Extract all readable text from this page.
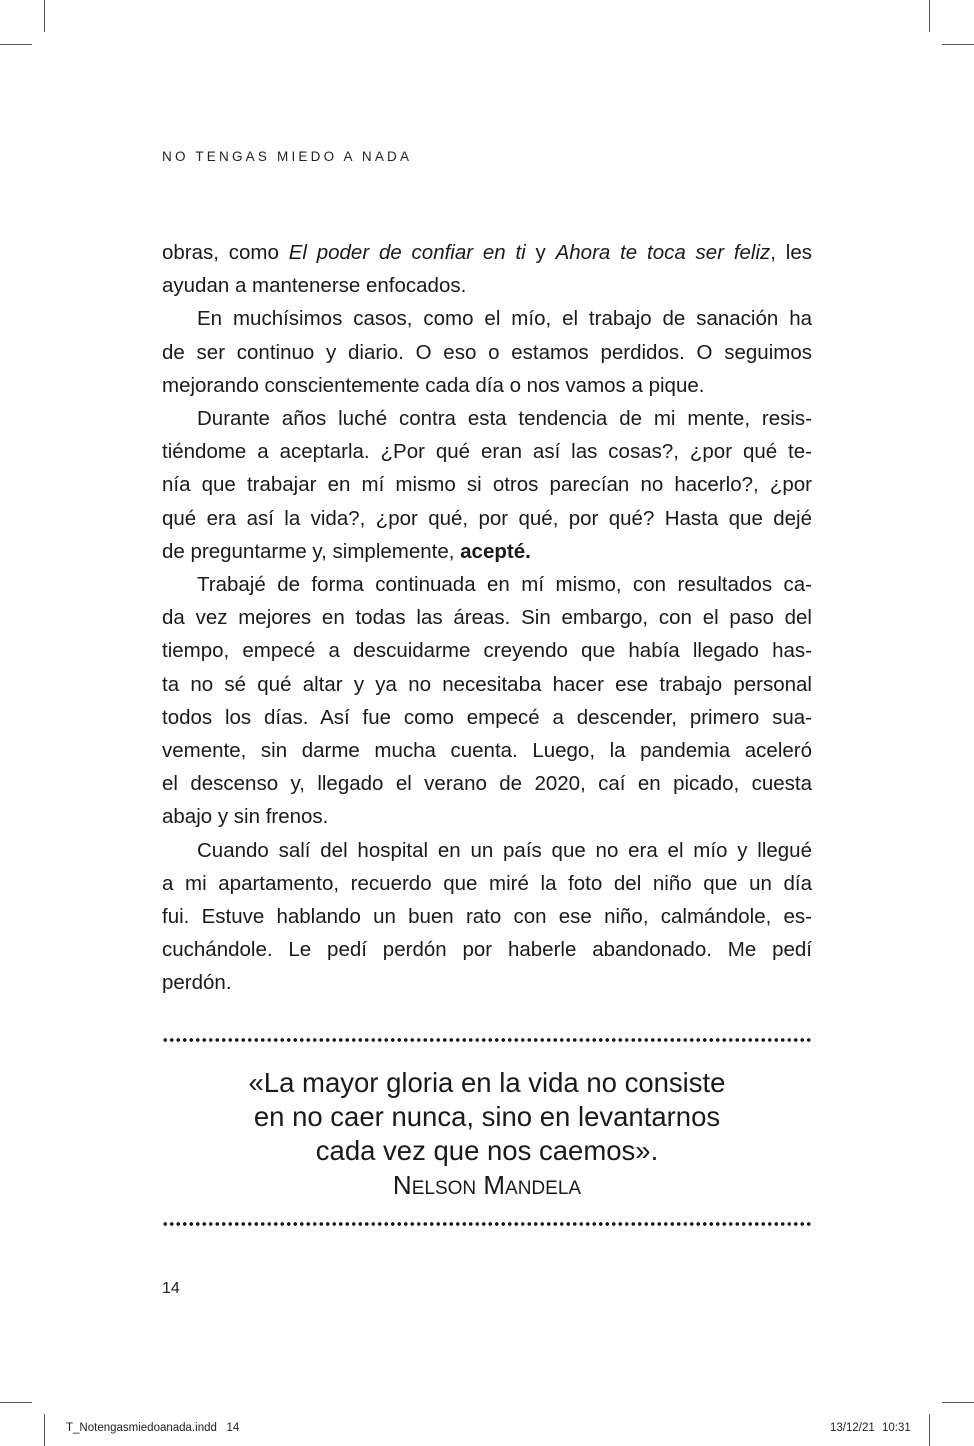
NO TENGAS MIEDO A NADA

obras, como El poder de confiar en ti y Ahora te toca ser feliz, les
ayudan a mantenerse enfocados.

En muchísimos casos, como el mío, el trabajo de sanación ha
de ser continuo y diario. O eso o estamos perdidos. O seguimos
mejorando conscientemente cada día o nos vamos a pique.

Durante años luché contra esta tendencia de mi mente, resis-
tiéndome a aceptarla. ¿Por qué eran así las cosas?, ¿por qué te-
nía que trabajar en mí mismo si otros parecían no hacerlo?, ¿por
qué era así la vida?, ¿por qué, por qué, por qué? Hasta que dejé
de preguntarme y, simplemente, acepté.

Trabajé de forma continuada en mí mismo, con resultados ca-
da vez mejores en todas las áreas. Sin embargo, con el paso del
tiempo, empecé a descuidarme creyendo que había llegado has-
ta no sé qué altar y ya no necesitaba hacer ese trabajo personal
todos los días. Así fue como empecé a descender, primero sua-
vemente, sin darme mucha cuenta. Luego, la pandemia aceleró
el descenso y, llegado el verano de 2020, caí en picado, cuesta
abajo y sin frenos.

Cuando salí del hospital en un país que no era el mío y llegué
a mi apartamento, recuerdo que miré la foto del niño que un día
fui. Estuve hablando un buen rato con ese niño, calmándole, es-
cuchándole. Le pedí perdón por haberle abandonado. Me pedí
perdón.

«La mayor gloria en la vida no consiste
en no caer nunca, sino en levantarnos
cada vez que nos caemos».
NELSON MANDELA
14
T_Notengasmiedoanada.indd   14	13/12/21 10:31
